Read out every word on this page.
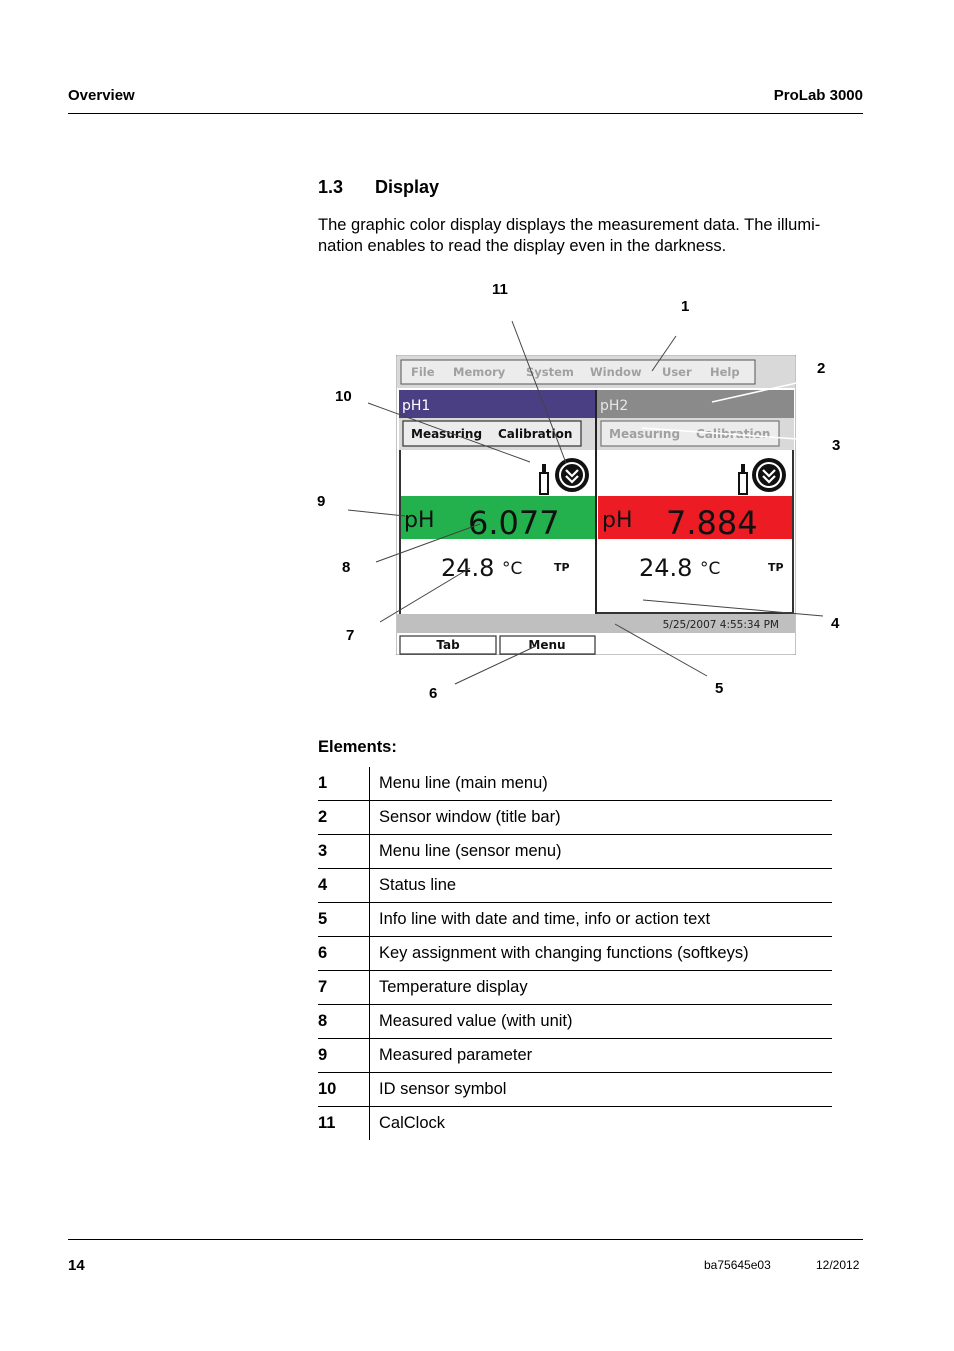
Overview	ProLab 3000
1.3 Display
The graphic color display displays the measurement data. The illumi-
nation enables to read the display even in the darkness.
11
1
2
10
3
9
8
4
7
5
6
File Memory System Window User Help
pH1
Measuring Calibration
pH 6.077
24.8 °C	TP
pH2
Measuring Calibration
pH 7.884
24.8 °C	TP
5/25/2007 4:55:34 PM
Tab	Menu
Elements:
1	Menu line (main menu)
2	Sensor window (title bar)
3	Menu line (sensor menu)
4	Status line
5	Info line with date and time, info or action text
6	Key assignment with changing functions (softkeys)
7	Temperature display
8	Measured value (with unit)
9	Measured parameter
10	ID sensor symbol
11	CalClock
14	ba75645e03	12/2012
